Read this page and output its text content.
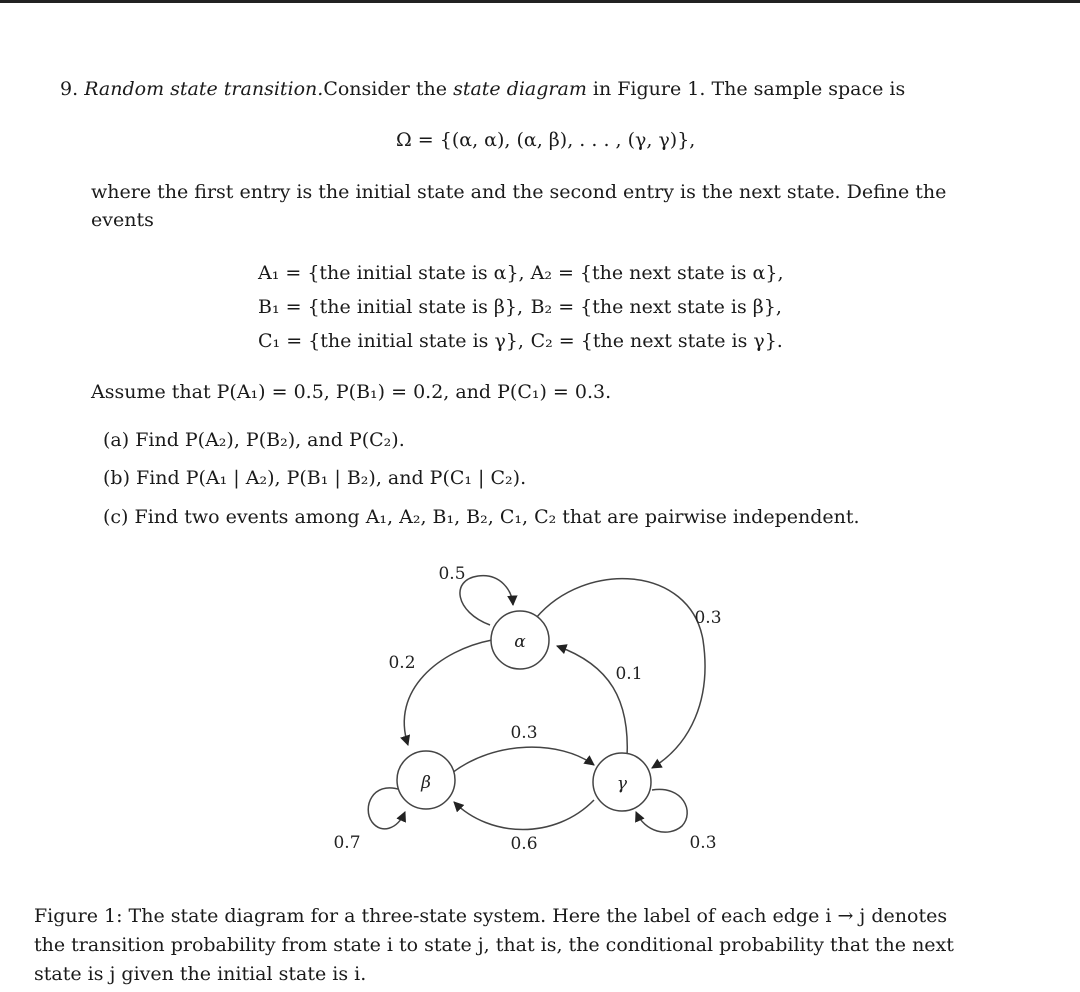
9. Random state transition.Consider the state diagram in Figure 1. The sample space is
Ω = {(α, α), (α, β), . . . , (γ, γ)},
where the first entry is the initial state and the second entry is the next state. Define the
events
A₁ = {the initial state is α},	A₂ = {the next state is α},
B₁ = {the initial state is β},	B₂ = {the next state is β},
C₁ = {the initial state is γ},	C₂ = {the next state is γ}.
Assume that P(A₁) = 0.5, P(B₁) = 0.2, and P(C₁) = 0.3.
(a) Find P(A₂), P(B₂), and P(C₂).
(b) Find P(A₁ | A₂), P(B₁ | B₂), and P(C₁ | C₂).
(c) Find two events among A₁, A₂, B₁, B₂, C₁, C₂ that are pairwise independent.
α
β	γ
0.5
0.3
0.2
0.1
0.3
0.7	0.6	0.3
Figure 1: The state diagram for a three-state system. Here the label of each edge i → j denotes
the transition probability from state i to state j, that is, the conditional probability that the next
state is j given the initial state is i.
